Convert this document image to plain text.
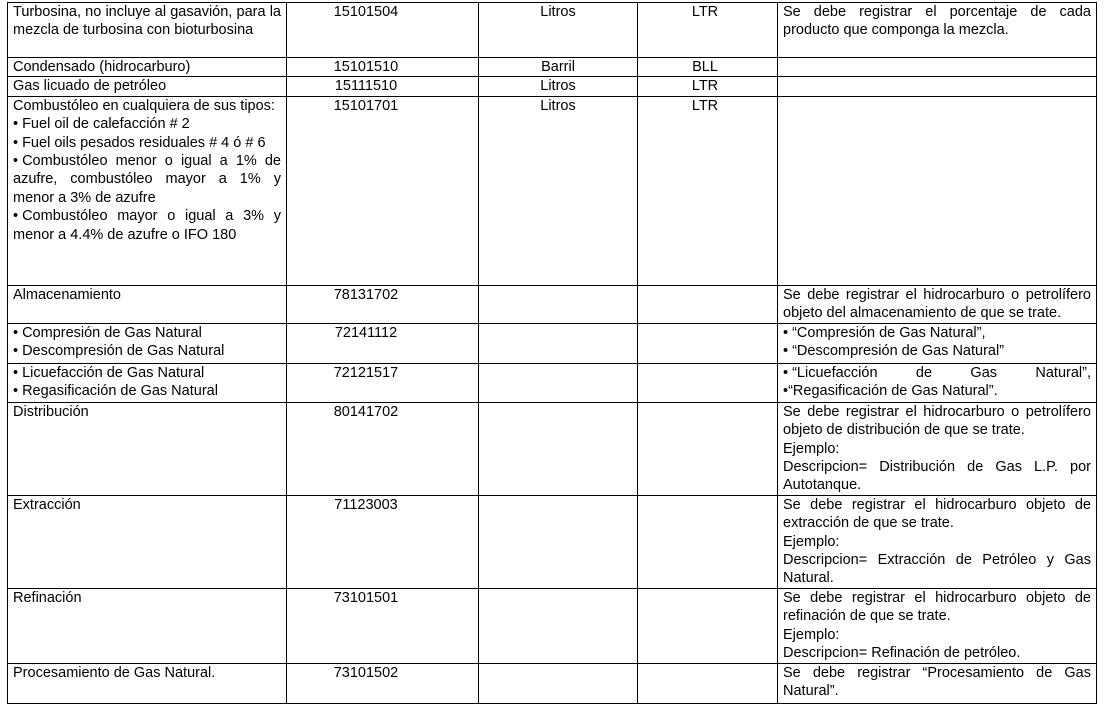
Turbosina, no incluye al gasavión, para la mezcla de turbosina con bioturbosina	15101504	Litros	LTR	Se debe registrar el porcentaje de cada producto que componga la mezcla.

Condensado (hidrocarburo)	15101510	Barril	BLL	

Gas licuado de petróleo	15111510	Litros	LTR	

Combustóleo en cualquiera de sus tipos:
• Fuel oil de calefacción # 2
• Fuel oils pesados residuales # 4 ó # 6
• Combustóleo menor o igual a 1% de azufre, combustóleo mayor a 1% y menor a 3% de azufre
• Combustóleo mayor o igual a 3% y menor a 4.4% de azufre o IFO 180	15101701	Litros	LTR	

Almacenamiento	78131702			Se debe registrar el hidrocarburo o petrolífero objeto del almacenamiento de que se trate.

• Compresión de Gas Natural
• Descompresión de Gas Natural	72141112			• “Compresión de Gas Natural”,
• “Descompresión de Gas Natural”

• Licuefacción de Gas Natural
• Regasificación de Gas Natural	72121517			• “Licuefacción de Gas Natural”, •“Regasificación de Gas Natural”.

Distribución	80141702			Se debe registrar el hidrocarburo o petrolífero objeto de distribución de que se trate.
Ejemplo:
Descripcion= Distribución de Gas L.P. por Autotanque.

Extracción	71123003			Se debe registrar el hidrocarburo objeto de extracción de que se trate.
Ejemplo:
Descripcion= Extracción de Petróleo y Gas Natural.

Refinación	73101501			Se debe registrar el hidrocarburo objeto de refinación de que se trate.
Ejemplo:
Descripcion= Refinación de petróleo.

Procesamiento de Gas Natural.	73101502			Se debe registrar “Procesamiento de Gas Natural”.
